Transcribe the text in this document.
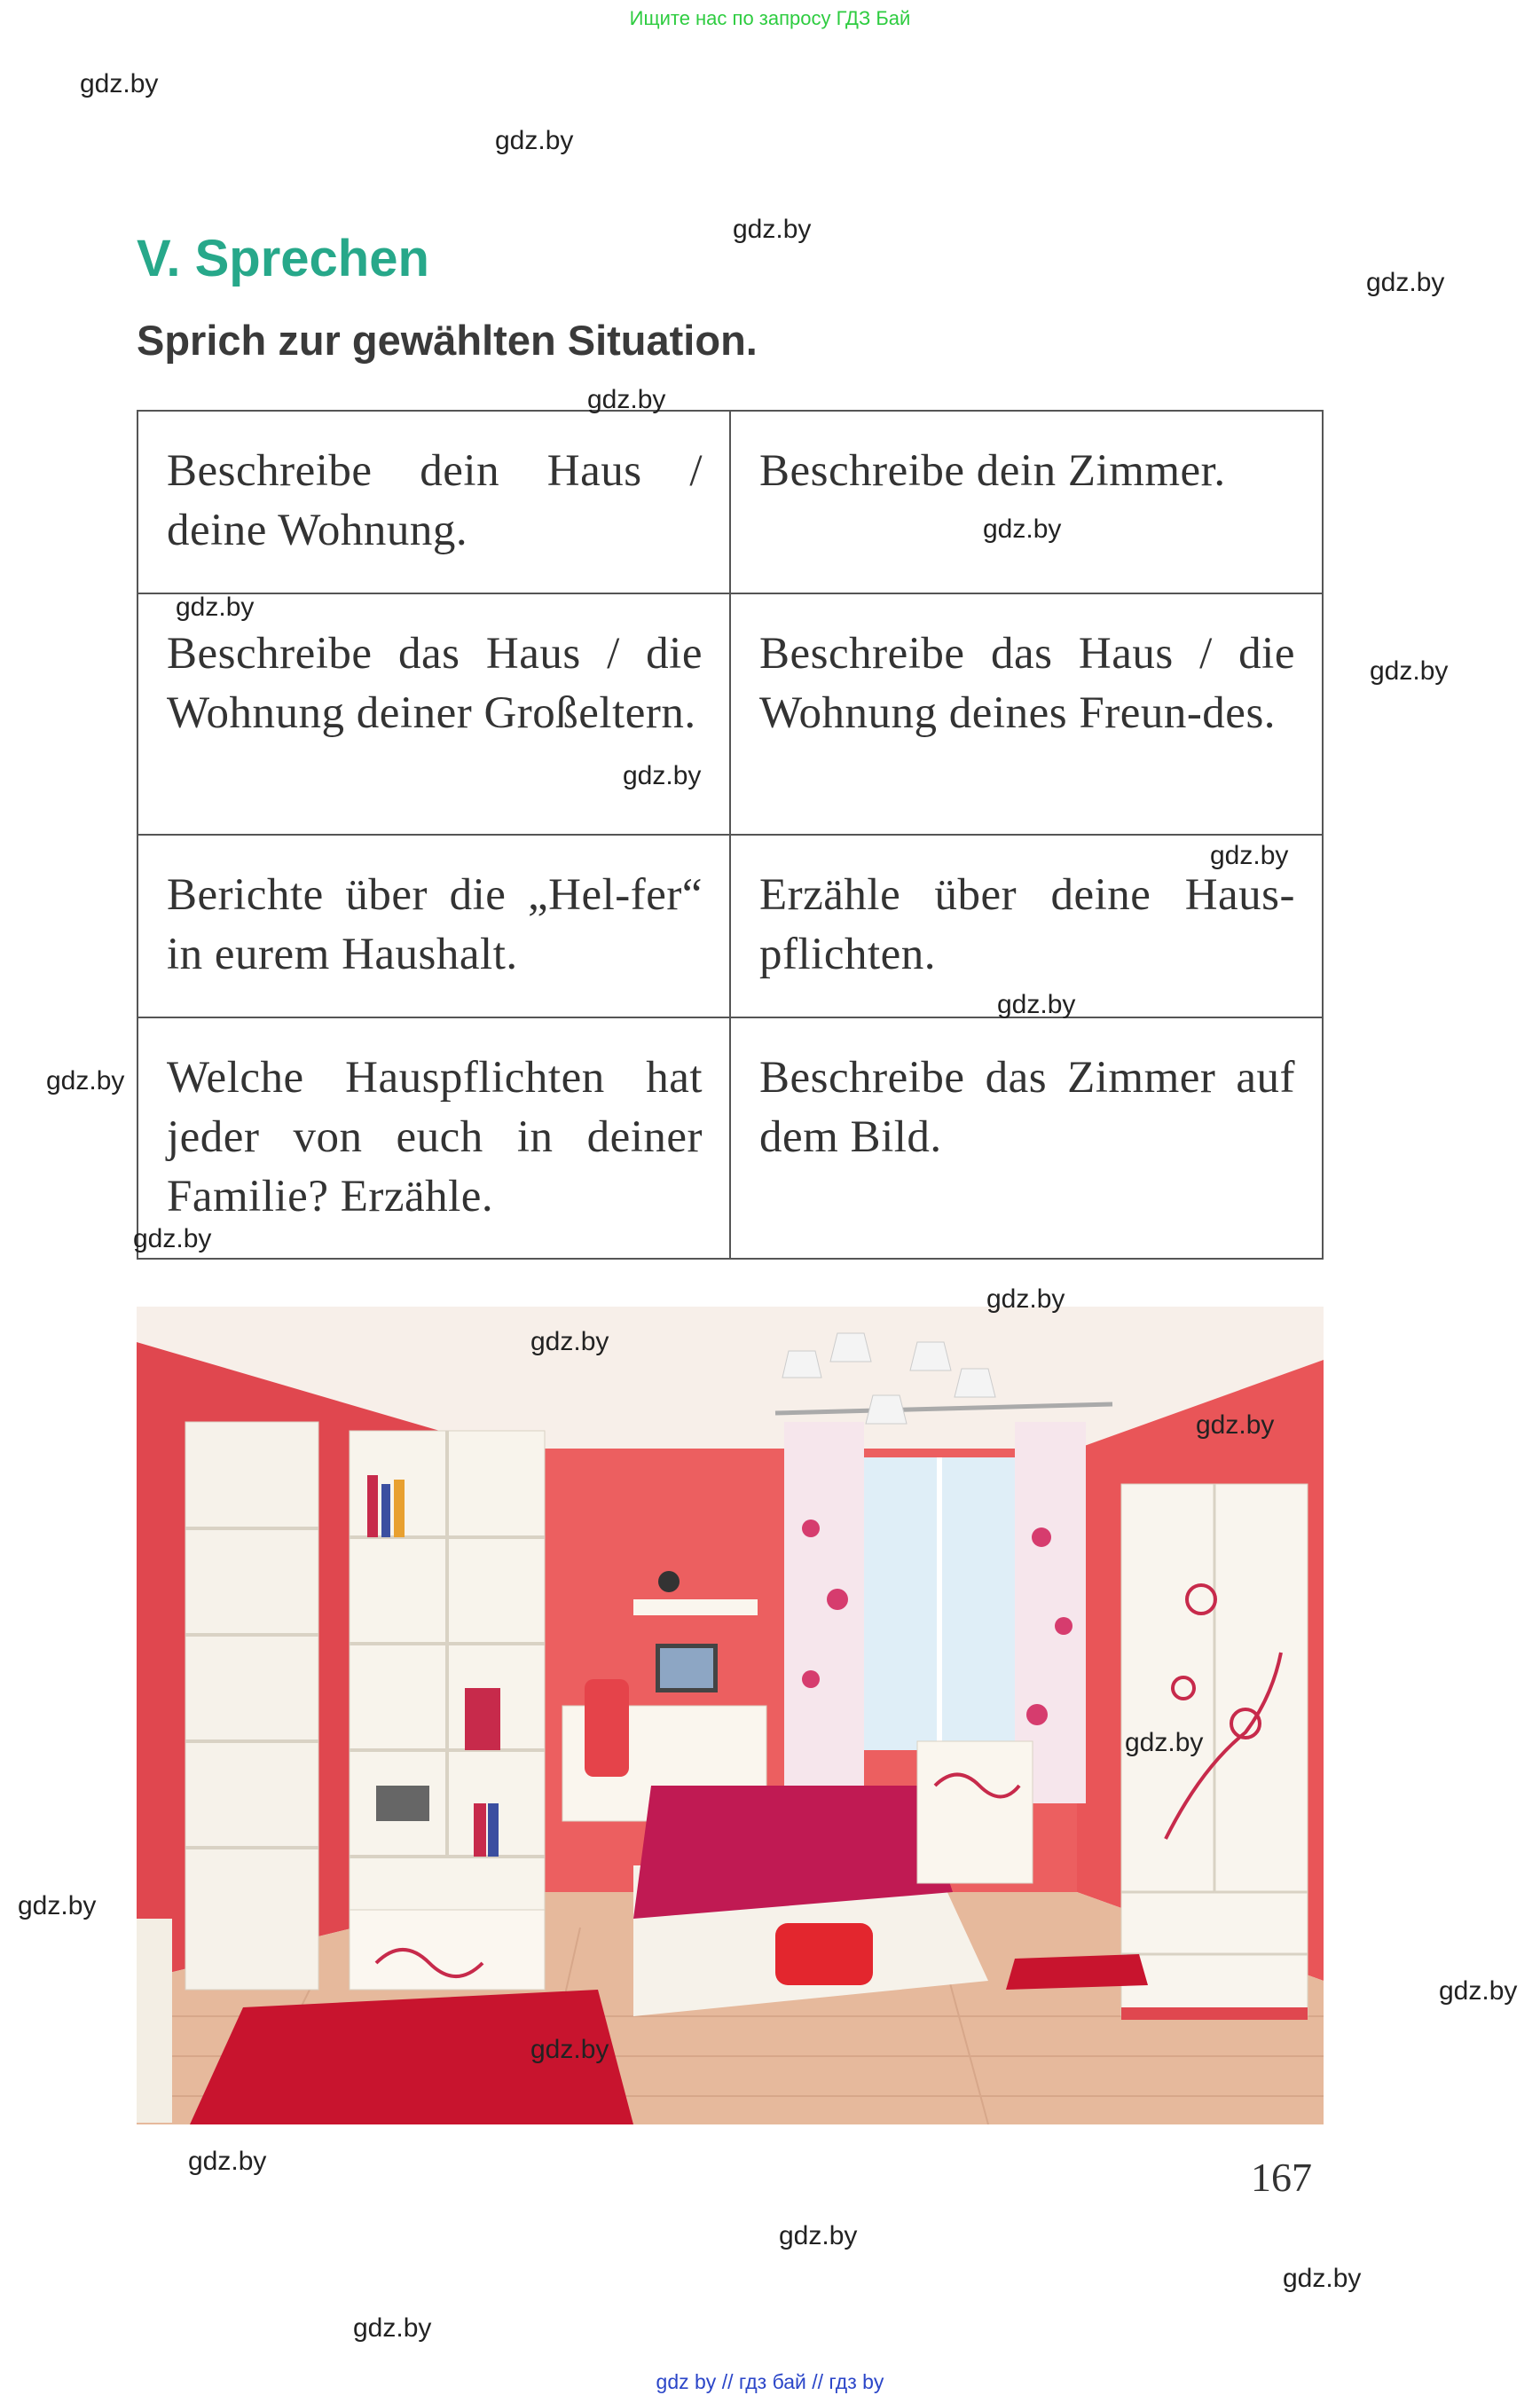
Ищите нас по запросу ГДЗ Бай
V. Sprechen
Sprich zur gewählten Situation.
Beschreibe dein Haus / deine Wohnung.	Beschreibe dein Zimmer.
Beschreibe das Haus / die Wohnung deiner Großeltern.	Beschreibe das Haus / die Wohnung deines Freun-des.
Berichte über die „Hel-fer“ in eurem Haushalt.	Erzähle über deine Haus-pflichten.
Welche Hauspflichten hat jeder von euch in deiner Familie? Erzähle.	Beschreibe das Zimmer auf dem Bild.
167
gdz.by
gdz.by
gdz.by
gdz.by
gdz.by
gdz.by
gdz.by
gdz.by
gdz.by
gdz.by
gdz.by
gdz.by
gdz.by
gdz.by
gdz.by
gdz.by
gdz.by
gdz.by
gdz.by
gdz.by
gdz.by
gdz.by
gdz.by
gdz.by
gdz by // гдз бай // гдз by
